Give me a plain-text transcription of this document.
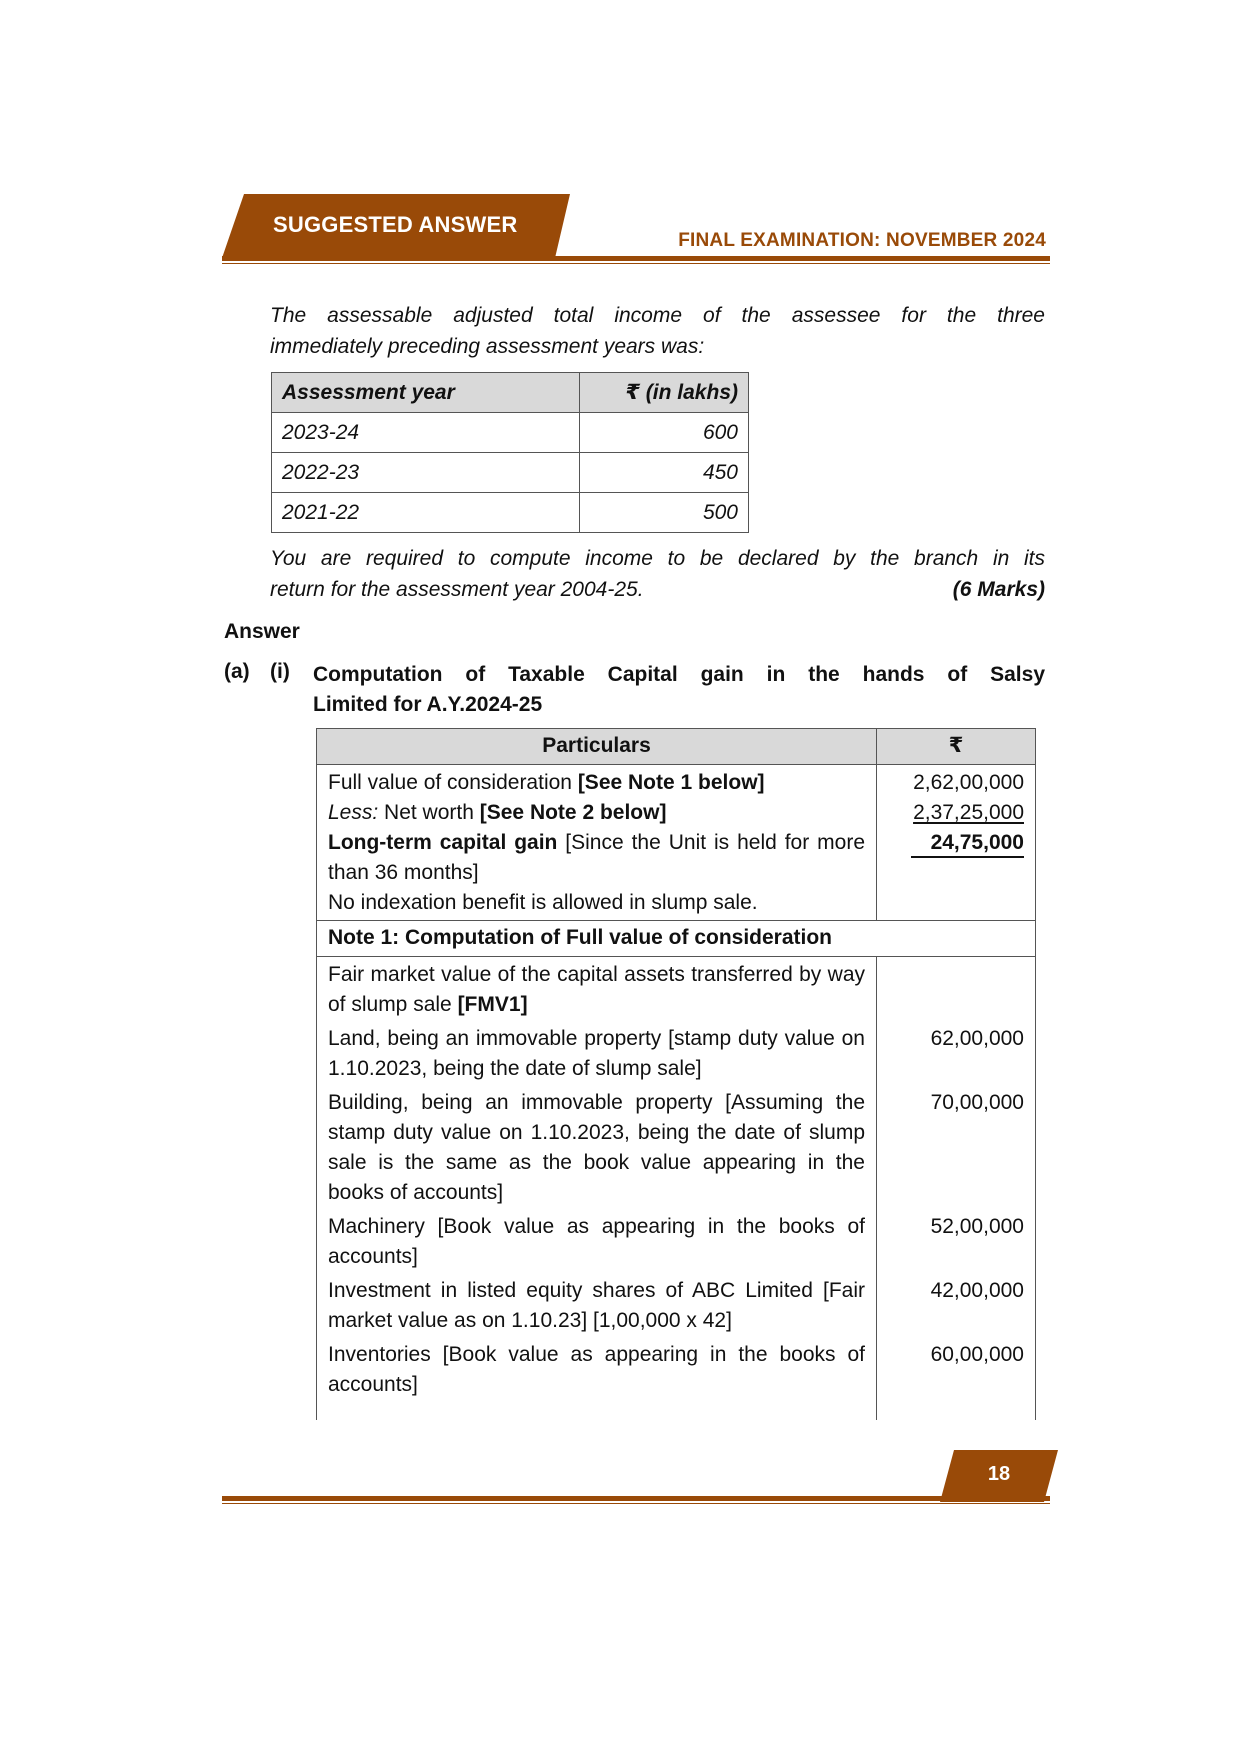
SUGGESTED ANSWER
FINAL EXAMINATION: NOVEMBER 2024
The assessable adjusted total income of the assessee for the three
immediately preceding assessment years was:
Assessment year	₹ (in lakhs)
2023-24	600
2022-23	450
2021-22	500
You are required to compute income to be declared by the branch in its
return for the assessment year 2004-25.	(6 Marks)
Answer
(a) (i) Computation of Taxable Capital gain in the hands of Salsy
Limited for A.Y.2024-25
Particulars	₹
Full value of consideration [See Note 1 below]	2,62,00,000
Less: Net worth [See Note 2 below]	2,37,25,000
Long-term capital gain [Since the Unit is held for more than 36 months]	24,75,000
No indexation benefit is allowed in slump sale.	
Note 1: Computation of Full value of consideration	
Fair market value of the capital assets transferred by way of slump sale [FMV1]	
Land, being an immovable property [stamp duty value on 1.10.2023, being the date of slump sale]	62,00,000
Building, being an immovable property [Assuming the stamp duty value on 1.10.2023, being the date of slump sale is the same as the book value appearing in the books of accounts]	70,00,000
Machinery [Book value as appearing in the books of accounts]	52,00,000
Investment in listed equity shares of ABC Limited [Fair market value as on 1.10.23] [1,00,000 x 42]	42,00,000
Inventories [Book value as appearing in the books of accounts]	60,00,000

18
